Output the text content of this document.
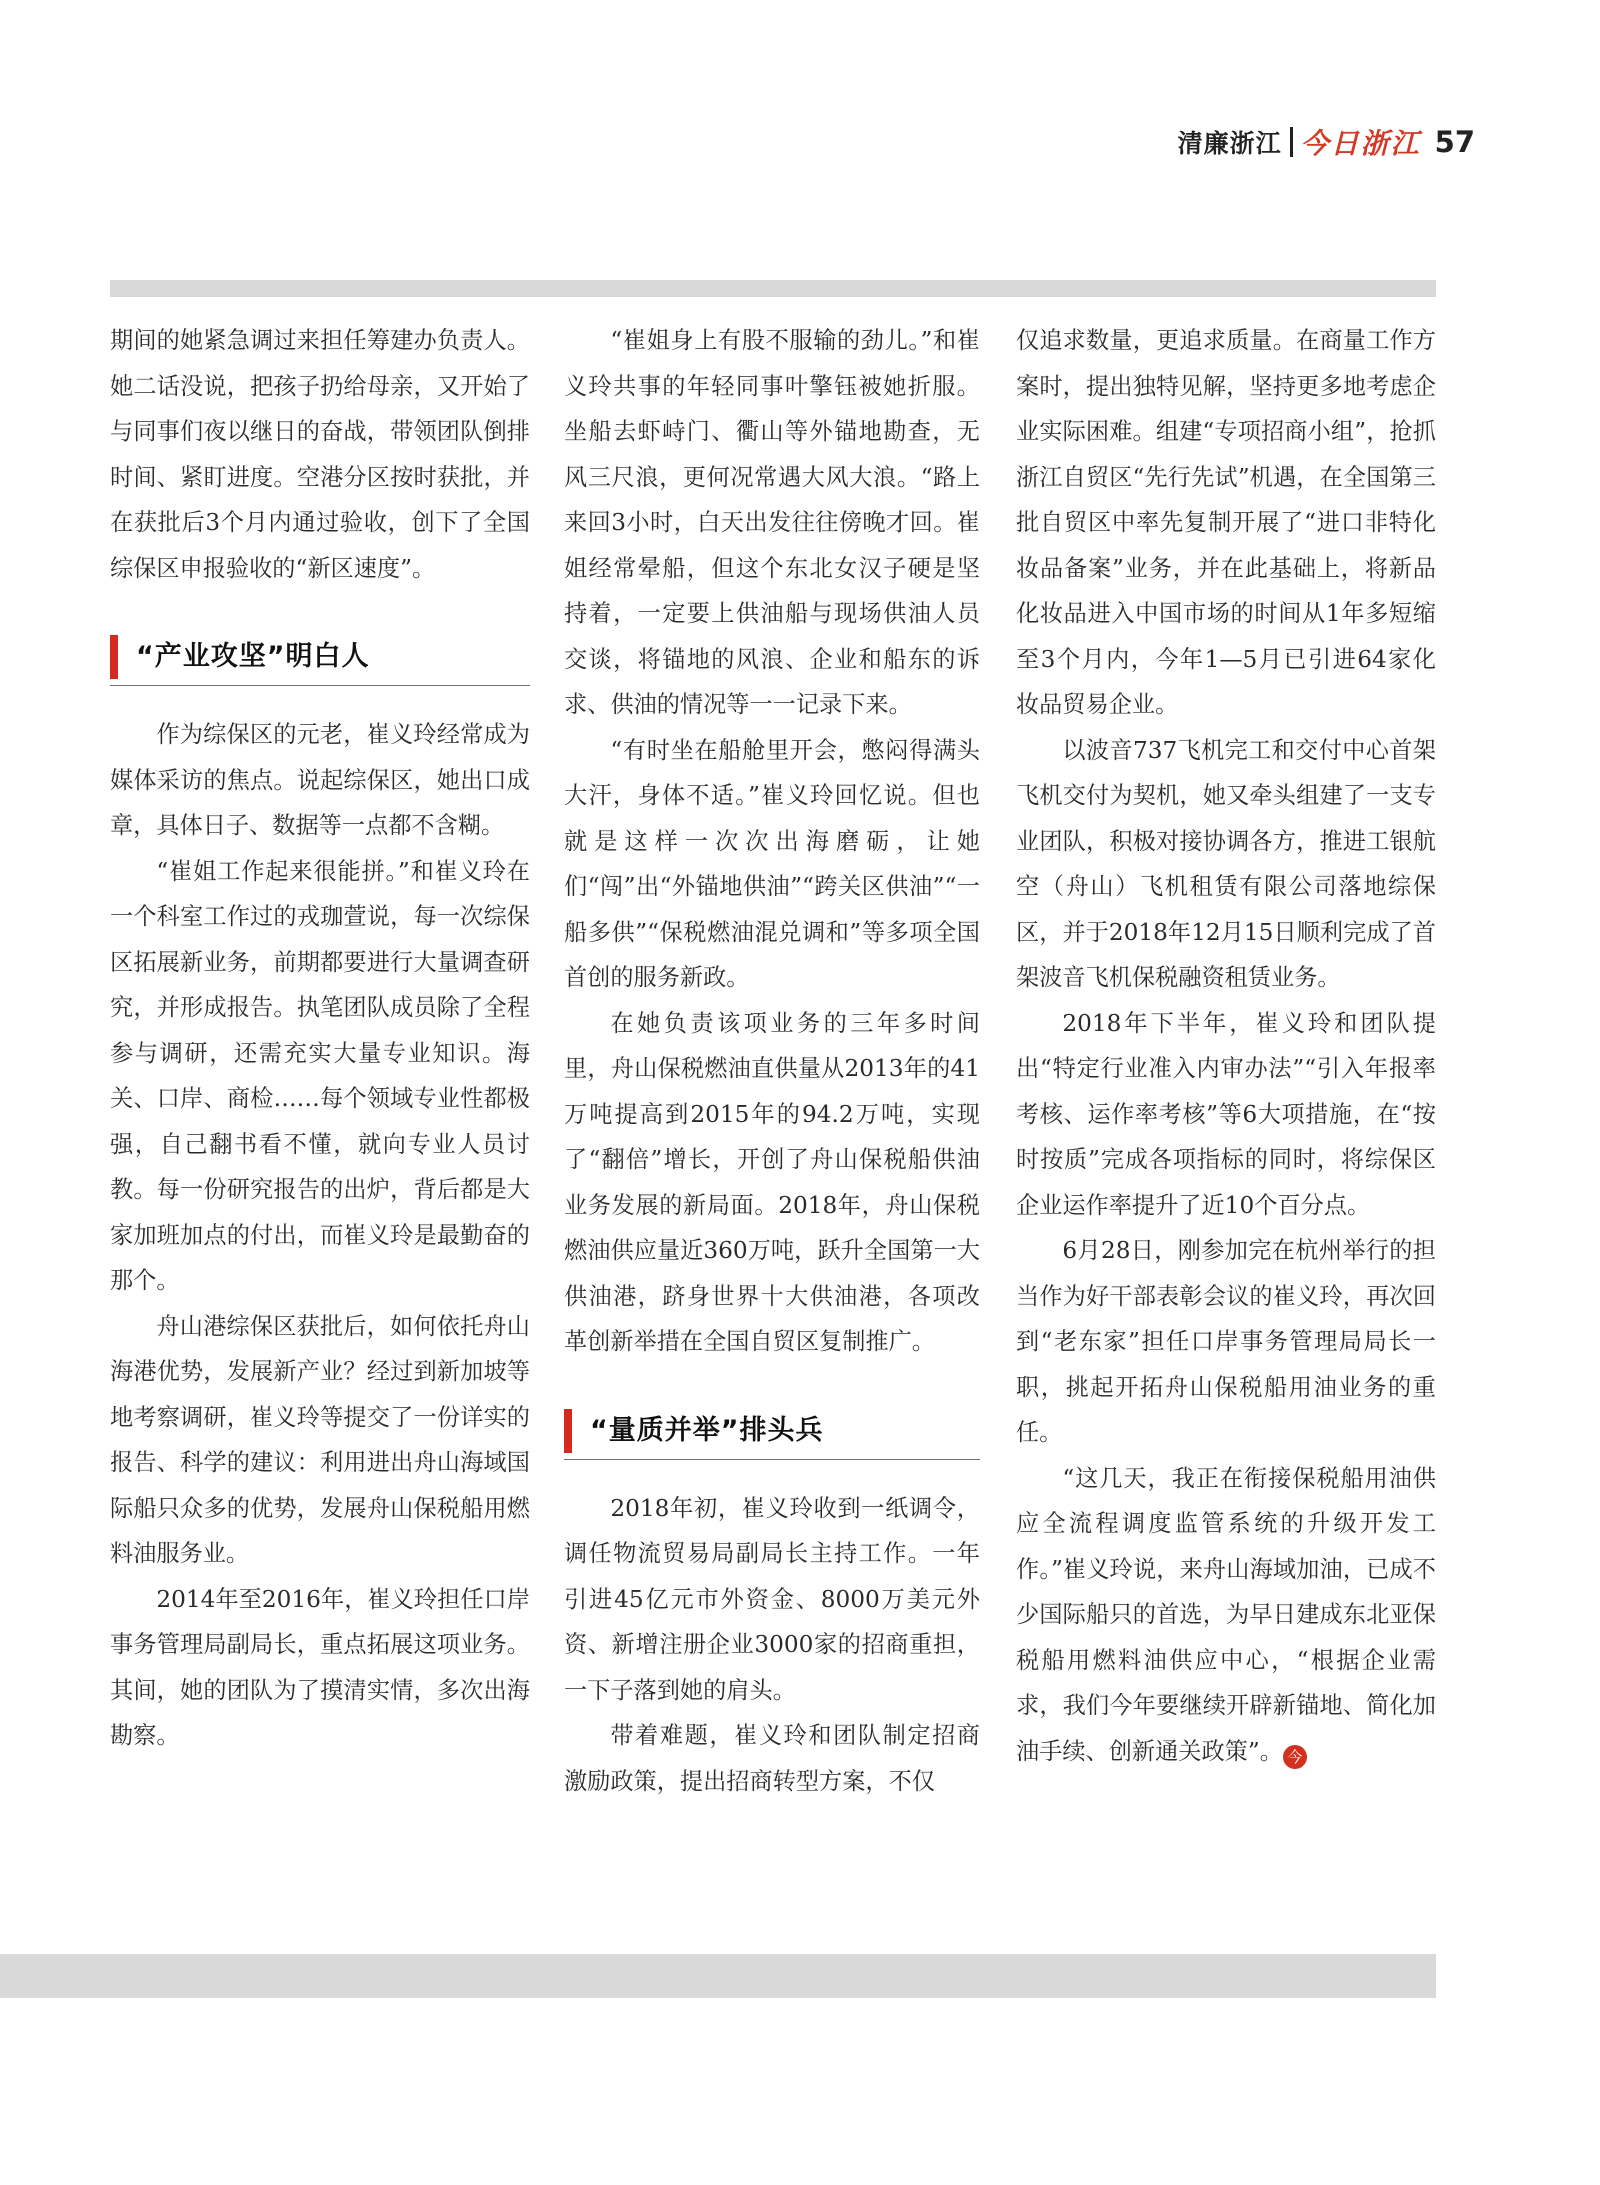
清廉浙江 今日浙江 57

期间的她紧急调过来担任筹建办负责人。她二话没说，把孩子扔给母亲，又开始了与同事们夜以继日的奋战，带领团队倒排时间、紧盯进度。空港分区按时获批，并在获批后3个月内通过验收，创下了全国综保区申报验收的“新区速度”。

“产业攻坚”明白人

作为综保区的元老，崔义玲经常成为媒体采访的焦点。说起综保区，她出口成章，具体日子、数据等一点都不含糊。

“崔姐工作起来很能拼。”和崔义玲在一个科室工作过的戎珈萱说，每一次综保区拓展新业务，前期都要进行大量调查研究，并形成报告。执笔团队成员除了全程参与调研，还需充实大量专业知识。海关、口岸、商检……每个领域专业性都极强，自己翻书看不懂，就向专业人员讨教。每一份研究报告的出炉，背后都是大家加班加点的付出，而崔义玲是最勤奋的那个。

舟山港综保区获批后，如何依托舟山海港优势，发展新产业？经过到新加坡等地考察调研，崔义玲等提交了一份详实的报告、科学的建议：利用进出舟山海域国际船只众多的优势，发展舟山保税船用燃料油服务业。

2014年至2016年，崔义玲担任口岸事务管理局副局长，重点拓展这项业务。其间，她的团队为了摸清实情，多次出海勘察。

“崔姐身上有股不服输的劲儿。”和崔义玲共事的年轻同事叶擎钰被她折服。坐船去虾峙门、衢山等外锚地勘查，无风三尺浪，更何况常遇大风大浪。“路上来回3小时，白天出发往往傍晚才回。崔姐经常晕船，但这个东北女汉子硬是坚持着，一定要上供油船与现场供油人员交谈，将锚地的风浪、企业和船东的诉求、供油的情况等一一记录下来。

“有时坐在船舱里开会，憋闷得满头大汗，身体不适。”崔义玲回忆说。但也就是这样一次次出海磨砺，让她们“闯”出“外锚地供油”“跨关区供油”“一船多供”“保税燃油混兑调和”等多项全国首创的服务新政。

在她负责该项业务的三年多时间里，舟山保税燃油直供量从2013年的41万吨提高到2015年的94.2万吨，实现了“翻倍”增长，开创了舟山保税船供油业务发展的新局面。2018年，舟山保税燃油供应量近360万吨，跃升全国第一大供油港，跻身世界十大供油港，各项改革创新举措在全国自贸区复制推广。

“量质并举”排头兵

2018年初，崔义玲收到一纸调令，调任物流贸易局副局长主持工作。一年引进45亿元市外资金、8000万美元外资、新增注册企业3000家的招商重担，一下子落到她的肩头。

带着难题，崔义玲和团队制定招商激励政策，提出招商转型方案，不仅

仅追求数量，更追求质量。在商量工作方案时，提出独特见解，坚持更多地考虑企业实际困难。组建“专项招商小组”，抢抓浙江自贸区“先行先试”机遇，在全国第三批自贸区中率先复制开展了“进口非特化妆品备案”业务，并在此基础上，将新品化妆品进入中国市场的时间从1年多短缩至3个月内，今年1—5月已引进64家化妆品贸易企业。

以波音737飞机完工和交付中心首架飞机交付为契机，她又牵头组建了一支专业团队，积极对接协调各方，推进工银航空（舟山）飞机租赁有限公司落地综保区，并于2018年12月15日顺利完成了首架波音飞机保税融资租赁业务。

2018年下半年，崔义玲和团队提出“特定行业准入内审办法”“引入年报率考核、运作率考核”等6大项措施，在“按时按质”完成各项指标的同时，将综保区企业运作率提升了近10个百分点。

6月28日，刚参加完在杭州举行的担当作为好干部表彰会议的崔义玲，再次回到“老东家”担任口岸事务管理局局长一职，挑起开拓舟山保税船用油业务的重任。

“这几天，我正在衔接保税船用油供应全流程调度监管系统的升级开发工作。”崔义玲说，来舟山海域加油，已成不少国际船只的首选，为早日建成东北亚保税船用燃料油供应中心，“根据企业需求，我们今年要继续开辟新锚地、简化加油手续、创新通关政策”。 今
